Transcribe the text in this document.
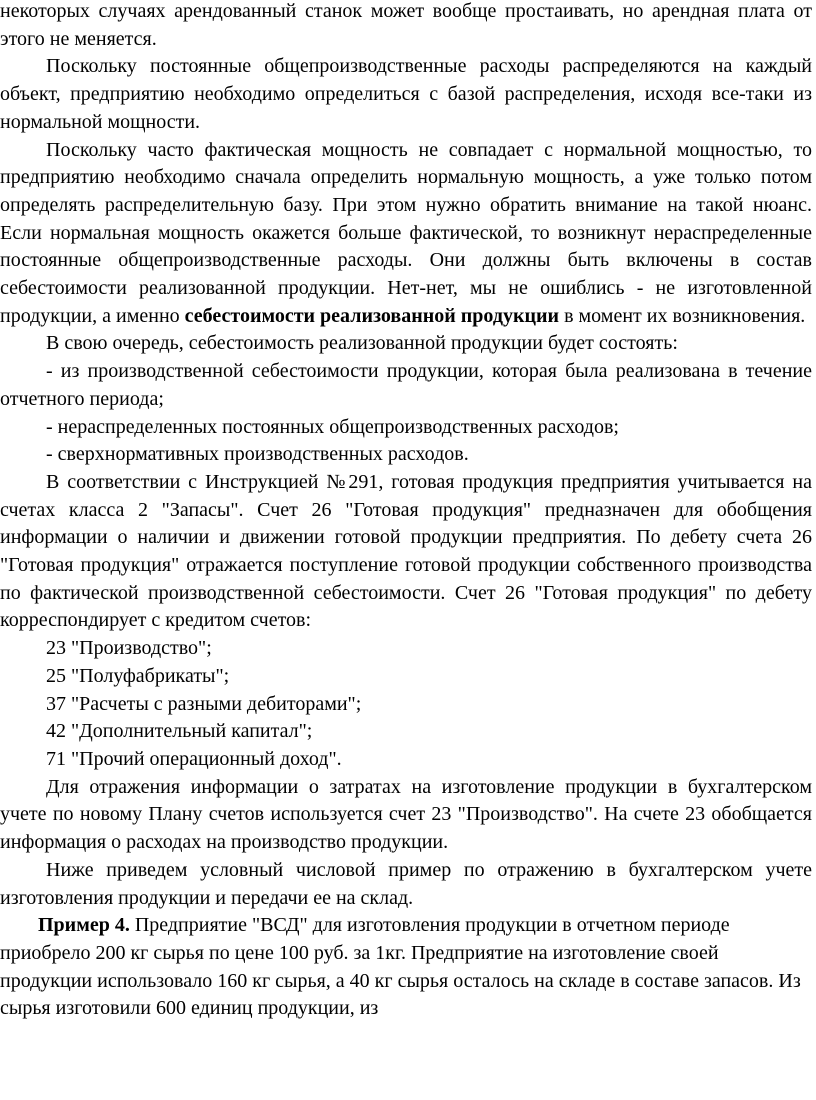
некоторых случаях арендованный станок может вообще простаивать, но арендная плата от этого не меняется.

Поскольку постоянные общепроизводственные расходы распределяются на каждый объект, предприятию необходимо определиться с базой распределения, исходя все-таки из нормальной мощности.

Поскольку часто фактическая мощность не совпадает с нормальной мощностью, то предприятию необходимо сначала определить нормальную мощность, а уже только потом определять распределительную базу. При этом нужно обратить внимание на такой нюанс. Если нормальная мощность окажется больше фактической, то возникнут нераспределенные постоянные общепроизводственные расходы. Они должны быть включены в состав себестоимости реализованной продукции. Нет-нет, мы не ошиблись - не изготовленной продукции, а именно себестоимости реализованной продукции в момент их возникновения.

В свою очередь, себестоимость реализованной продукции будет состоять:

- из производственной себестоимости продукции, которая была реализована в течение отчетного периода;

- нераспределенных постоянных общепроизводственных расходов;

- сверхнормативных производственных расходов.

В соответствии с Инструкцией №291, готовая продукция предприятия учитывается на счетах класса 2 "Запасы". Счет 26 "Готовая продукция" предназначен для обобщения информации о наличии и движении готовой продукции предприятия. По дебету счета 26 "Готовая продукция" отражается поступление готовой продукции собственного производства по фактической производственной себестоимости. Счет 26 "Готовая продукция" по дебету корреспондирует с кредитом счетов:

23 "Производство";

25 "Полуфабрикаты";

37 "Расчеты с разными дебиторами";

42 "Дополнительный капитал";

71 "Прочий операционный доход".

Для отражения информации о затратах на изготовление продукции в бухгалтерском учете по новому Плану счетов используется счет 23 "Производство". На счете 23 обобщается информация о расходах на производство продукции.

Ниже приведем условный числовой пример по отражению в бухгалтерском учете изготовления продукции и передачи ее на склад.

Пример 4. Предприятие "ВСД" для изготовления продукции в отчетном периоде приобрело 200 кг сырья по цене 100 руб. за 1кг. Предприятие на изготовление своей продукции использовало 160 кг сырья, а 40 кг сырья осталось на складе в составе запасов. Из сырья изготовили 600 единиц продукции, из
